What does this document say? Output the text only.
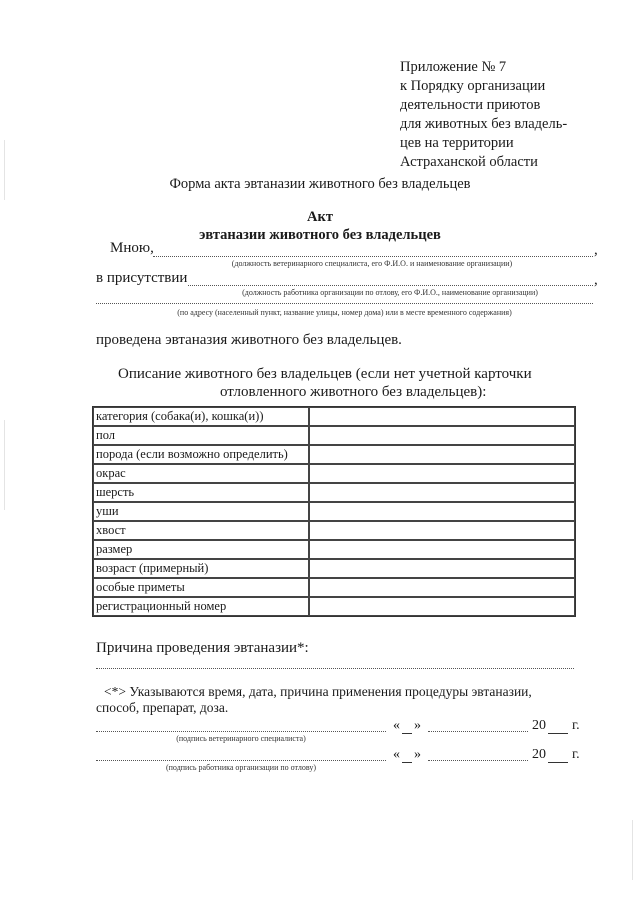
Приложение № 7
к Порядку организации
деятельности приютов
для животных без владель-
цев на территории
Астраханской области
Форма акта эвтаназии животного без владельцев
Акт
эвтаназии животного без владельцев
Мною,	,
(должность ветеринарного специалиста, его Ф.И.О. и наименование организации)
в присутствии	,
(должность работника организации по отлову, его Ф.И.О., наименование организации)
(по адресу (населенный пункт, название улицы, номер дома) или в месте временного содержания)
проведена эвтаназия животного без владельцев.
Описание животного без владельцев (если нет учетной карточки
отловленного животного без владельцев):
категория (собака(и), кошка(и))	
пол	
порода (если возможно определить)	
окрас	
шерсть	
уши	
хвост	
размер	
возраст (примерный)	
особые приметы	
регистрационный номер	
Причина проведения эвтаназии*:
<*> Указываются время, дата, причина применения процедуры эвтаназии,
способ, препарат, доза.
« »	20 г.
(подпись ветеринарного специалиста)
« »	20 г.
(подпись работника организации по отлову)
